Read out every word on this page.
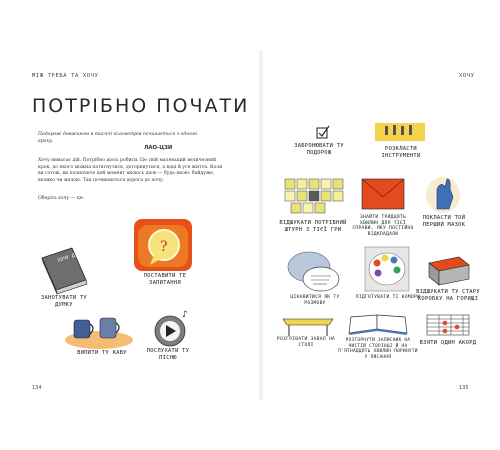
МІЖ ТРЕБА ТА ХОЧУ
ПОТРІБНО ПОЧАТИ
Подорож довжиною в тисячі кілометрів починається з одного кроку.
ЛАО-ЦЗИ
Хочу вимагає дій. Потрібно щось робити. Це твій маленький величезний крок, до якого можна потягнутися, доторкнутися, а вдці й усе життя. Коли ви готові, ви позначите цей момент якоюсь дією — будь-якою: байдуже, велико чи малою. Так починаються дорога до хочу.
Оберіть хочу — це:
ХОЧУ ДІЮ
ЗАНОТУВАТИ ТУ ДУМКУ
?
ПОСТАВИТИ ТЕ ЗАПИТАННЯ
ВИПИТИ ТУ КАВУ
♪
ПОСЛУХАТИ ТУ ПІСНЮ
134
ХОЧУ
ЗАБРОНЮВАТИ ТУ ПОДОРОЖ
РОЗКЛАСТИ ІНСТРУМЕНТИ
ВІДШУКАТИ ПОТРІБНИЙ ШТУРН З ТІЄЇ ГРИ
ЗНАЙТИ ТРИДЦЯТЬ ХВИЛИН ДЛЯ ТІЄЇ СПРАВИ, ЯКУ ПОСТІЙНО ВІДКЛАДАЛИ
ПОКЛАСТИ ТОЙ ПЕРШИЙ МАЗОК
ЦІКАВИТИСЯ ЯК ТУ РОЗМОВУ
ПІДГОТУВАТИ ТІ КОМОРИ
ВІДШУКАТИ ТУ СТАРУ КОРОБКУ НА ГОРИЩІ
РОЗГРІВАТИ ЗАВАЛ НА СТОЛІ
РОЗГОРНУТИ ЗАПИСНИК НА ЧИСТІЙ СТОРІНЦІ Й НА П'ЯТНАДЦЯТЬ ХВИЛИН ПОРИНУТИ У ПИСАННЯ
ВЗЯТИ ОДИН АКОРД
135
